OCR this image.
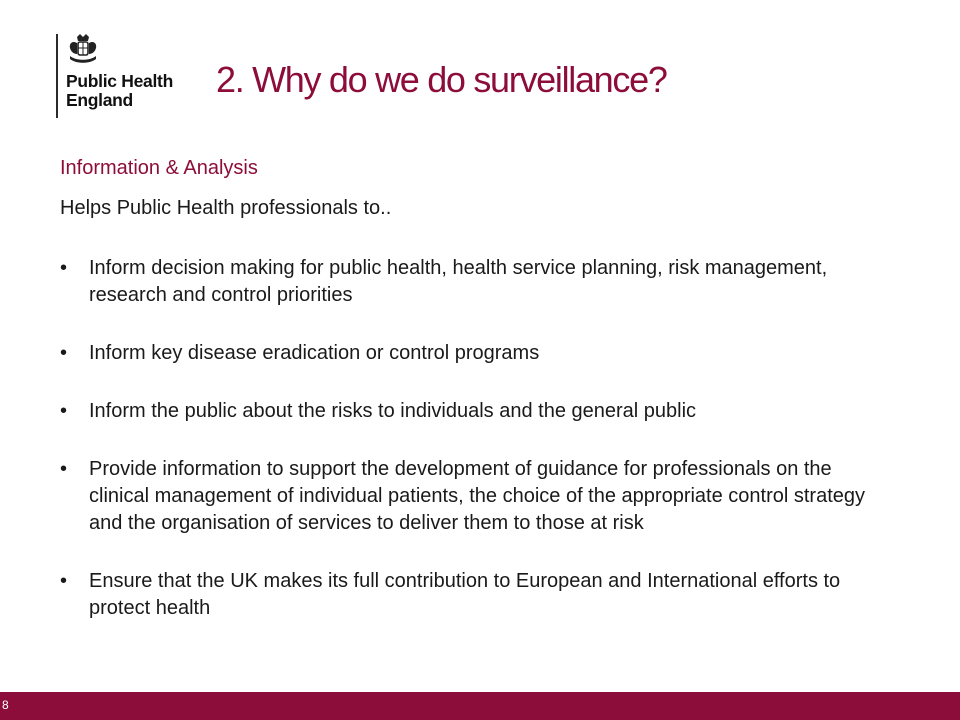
Public Health
England	2. Why do we do surveillance?

Information & Analysis

Helps Public Health professionals to..

• Inform decision making for public health, health service planning, risk management, research and control priorities
• Inform key disease eradication or control programs
• Inform the public about the risks to individuals and the general public
• Provide information to support the development of guidance for professionals on the clinical management of individual patients, the choice of the appropriate control strategy and the organisation of services to deliver them to those at risk
• Ensure that the UK makes its full contribution to European and International efforts to protect health
8
